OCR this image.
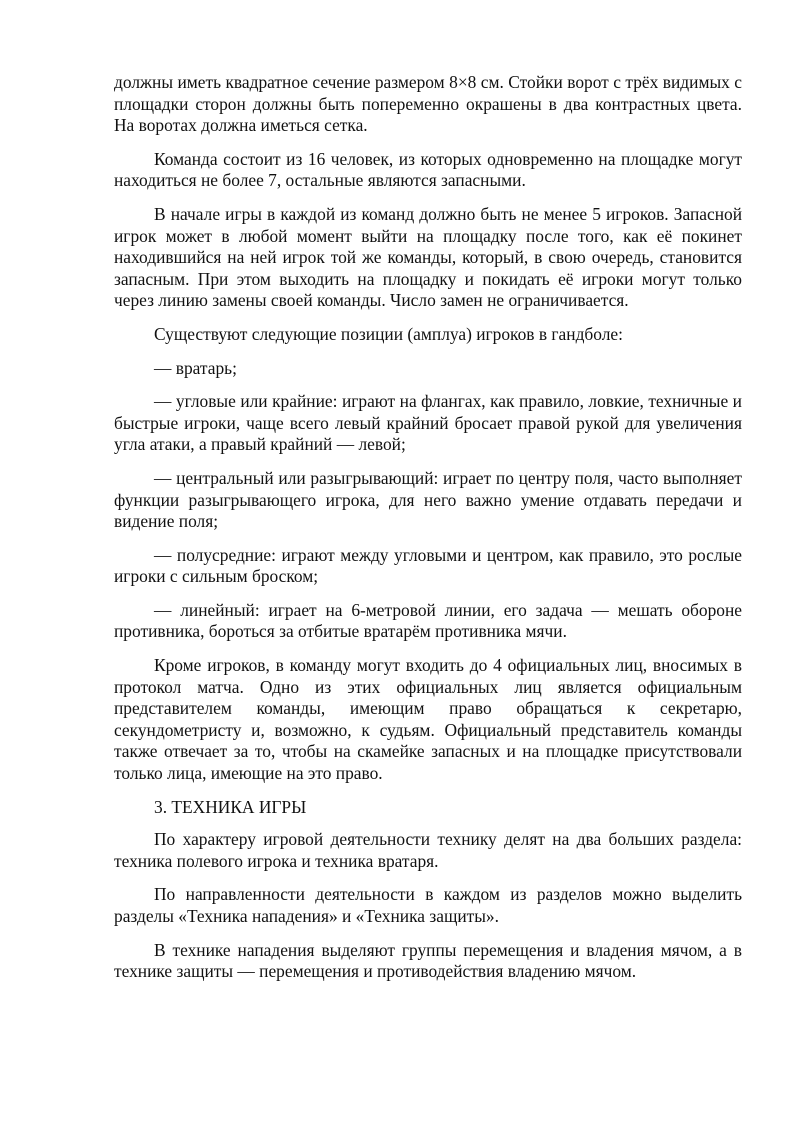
должны иметь квадратное сечение размером 8×8 см. Стойки ворот с трёх видимых с площадки сторон должны быть попеременно окрашены в два контрастных цвета. На воротах должна иметься сетка.

Команда состоит из 16 человек, из которых одновременно на площадке могут находиться не более 7, остальные являются запасными.

В начале игры в каждой из команд должно быть не менее 5 игроков. Запасной игрок может в любой момент выйти на площадку после того, как её покинет находившийся на ней игрок той же команды, который, в свою очередь, становится запасным. При этом выходить на площадку и покидать её игроки могут только через линию замены своей команды. Число замен не ограничивается.

Существуют следующие позиции (амплуа) игроков в гандболе:

— вратарь;

— угловые или крайние: играют на флангах, как правило, ловкие, техничные и быстрые игроки, чаще всего левый крайний бросает правой рукой для увеличения угла атаки, а правый крайний — левой;

— центральный или разыгрывающий: играет по центру поля, часто выполняет функции разыгрывающего игрока, для него важно умение отдавать передачи и видение поля;

— полусредние: играют между угловыми и центром, как правило, это рослые игроки с сильным броском;

— линейный: играет на 6-метровой линии, его задача — мешать обороне противника, бороться за отбитые вратарём противника мячи.

Кроме игроков, в команду могут входить до 4 официальных лиц, вносимых в протокол матча. Одно из этих официальных лиц является официальным представителем команды, имеющим право обращаться к секретарю, секундометристу и, возможно, к судьям. Официальный представитель команды также отвечает за то, чтобы на скамейке запасных и на площадке присутствовали только лица, имеющие на это право.

3. ТЕХНИКА ИГРЫ

По характеру игровой деятельности технику делят на два больших раздела: техника полевого игрока и техника вратаря.

По направленности деятельности в каждом из разделов можно выделить разделы «Техника нападения» и «Техника защиты».

В технике нападения выделяют группы перемещения и владения мячом, а в технике защиты — перемещения и противодействия владению мячом.
